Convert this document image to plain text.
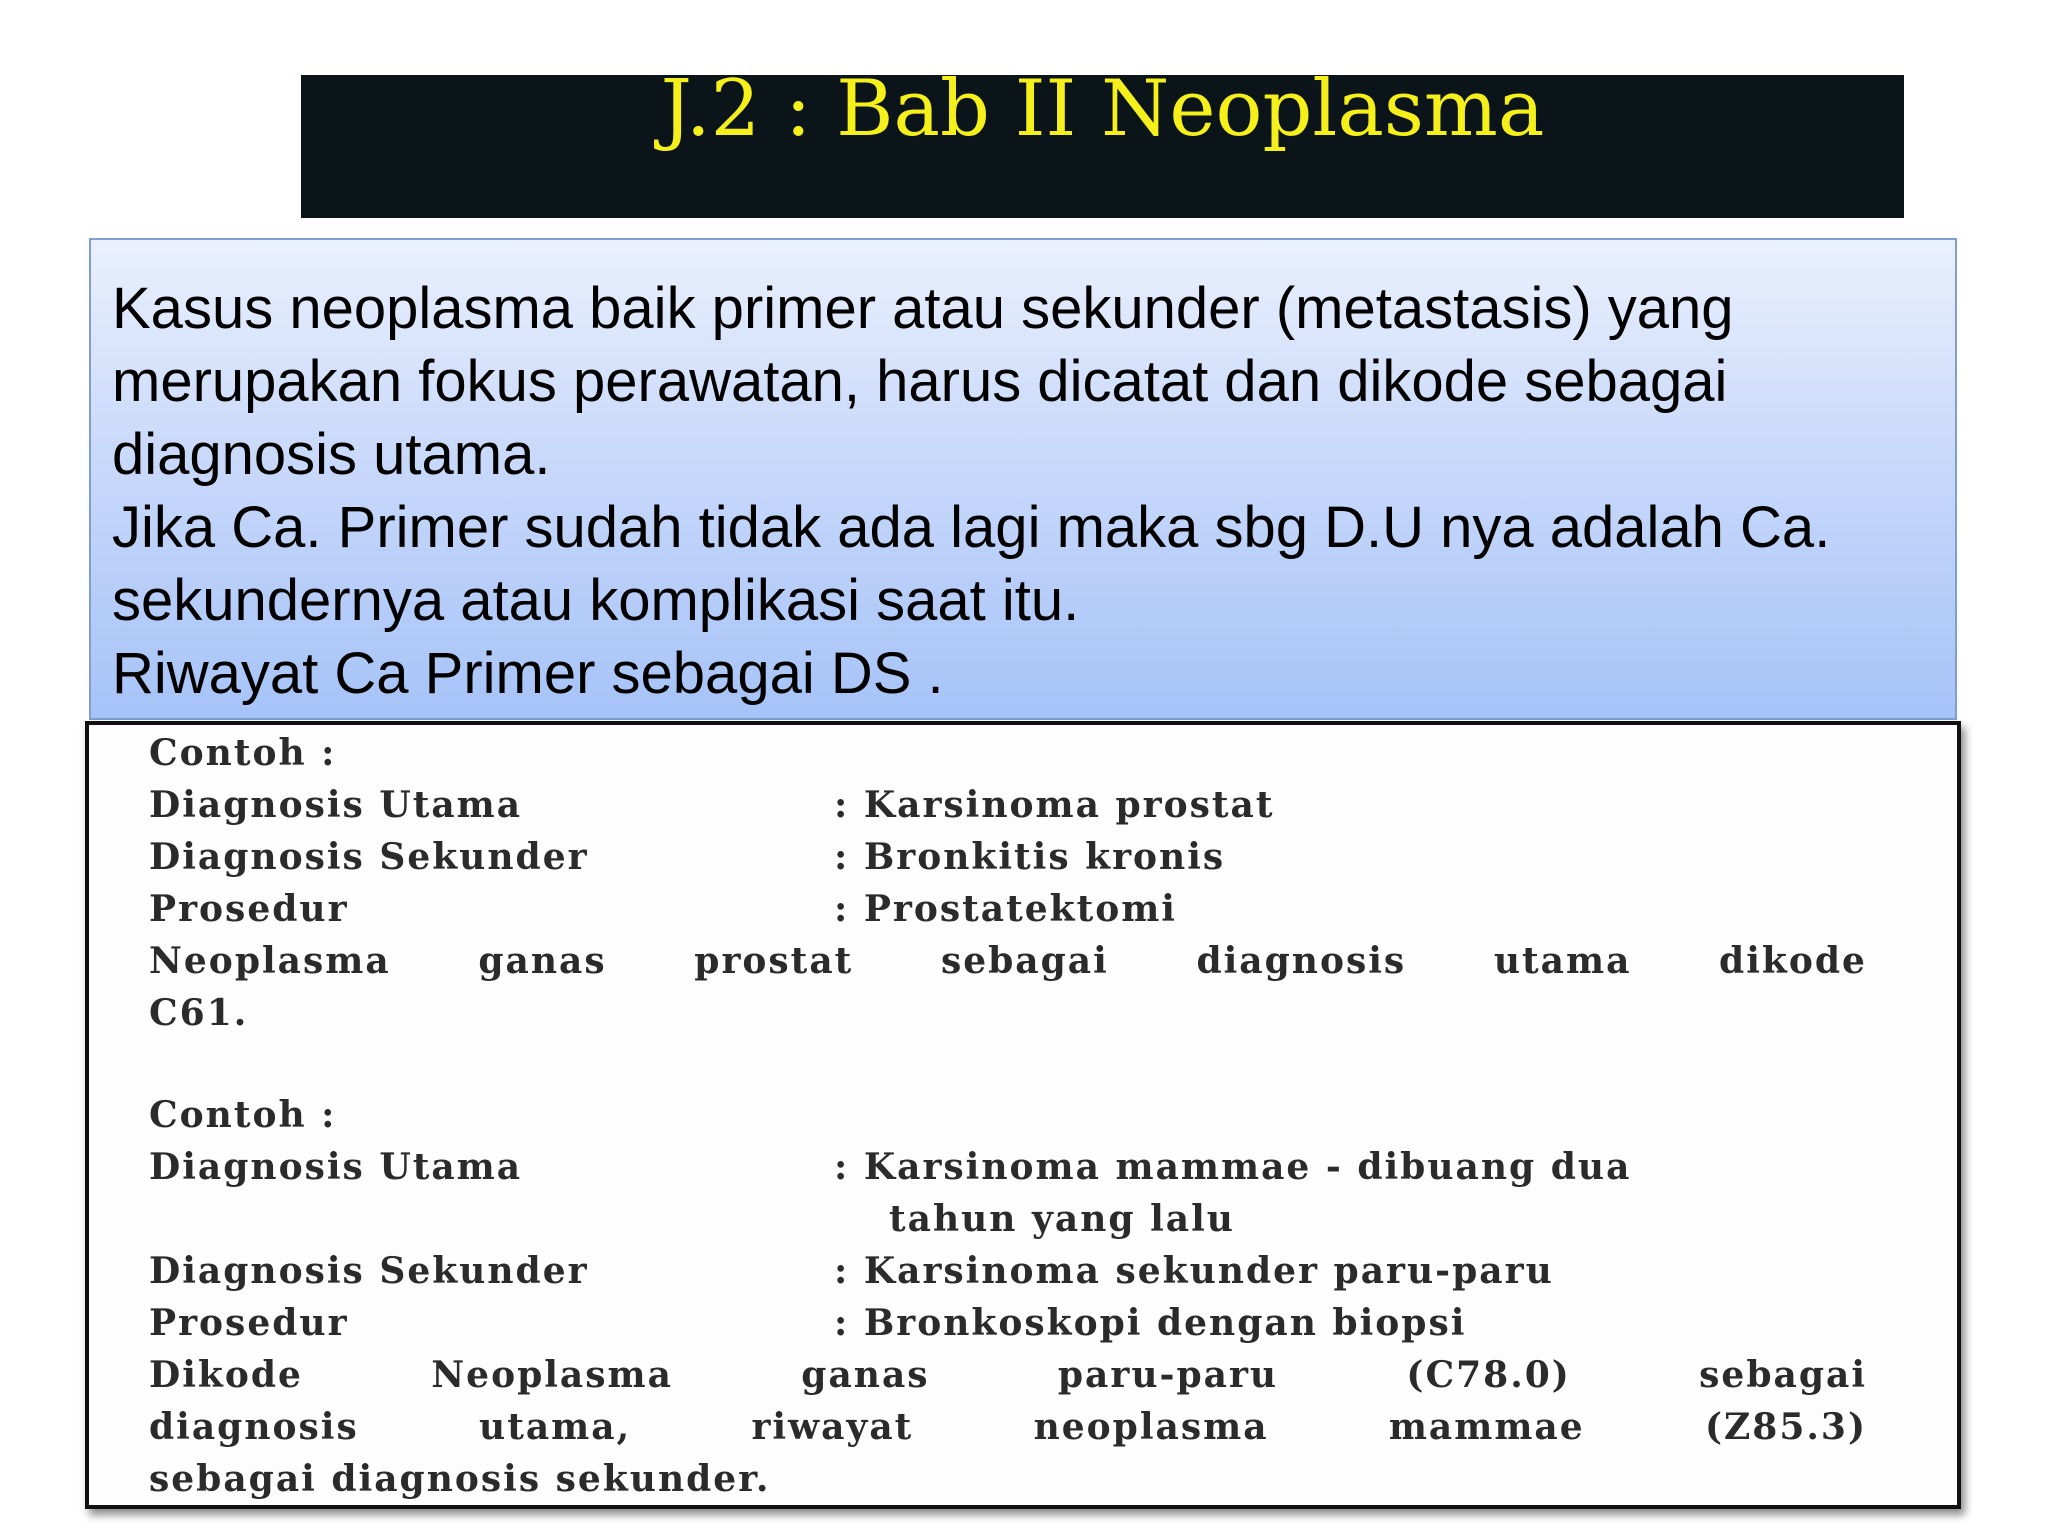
J.2 : Bab II Neoplasma
Kasus neoplasma baik primer atau sekunder (metastasis) yang
merupakan fokus perawatan, harus dicatat dan dikode sebagai
diagnosis utama.
Jika Ca. Primer sudah tidak ada lagi maka sbg D.U nya adalah Ca.
sekundernya atau komplikasi saat itu.
Riwayat Ca Primer sebagai DS .
Contoh :
Diagnosis Utama	: Karsinoma prostat
Diagnosis Sekunder	: Bronkitis kronis
Prosedur	: Prostatektomi
Neoplasma ganas prostat sebagai diagnosis utama dikode
C61.
Contoh :
Diagnosis Utama	: Karsinoma mammae - dibuang dua
tahun yang lalu
Diagnosis Sekunder	: Karsinoma sekunder paru-paru
Prosedur	: Bronkoskopi dengan biopsi
Dikode	Neoplasma	ganas	paru-paru	(C78.0)	sebagai
diagnosis	utama,	riwayat	neoplasma	mammae	(Z85.3)
sebagai diagnosis sekunder.
